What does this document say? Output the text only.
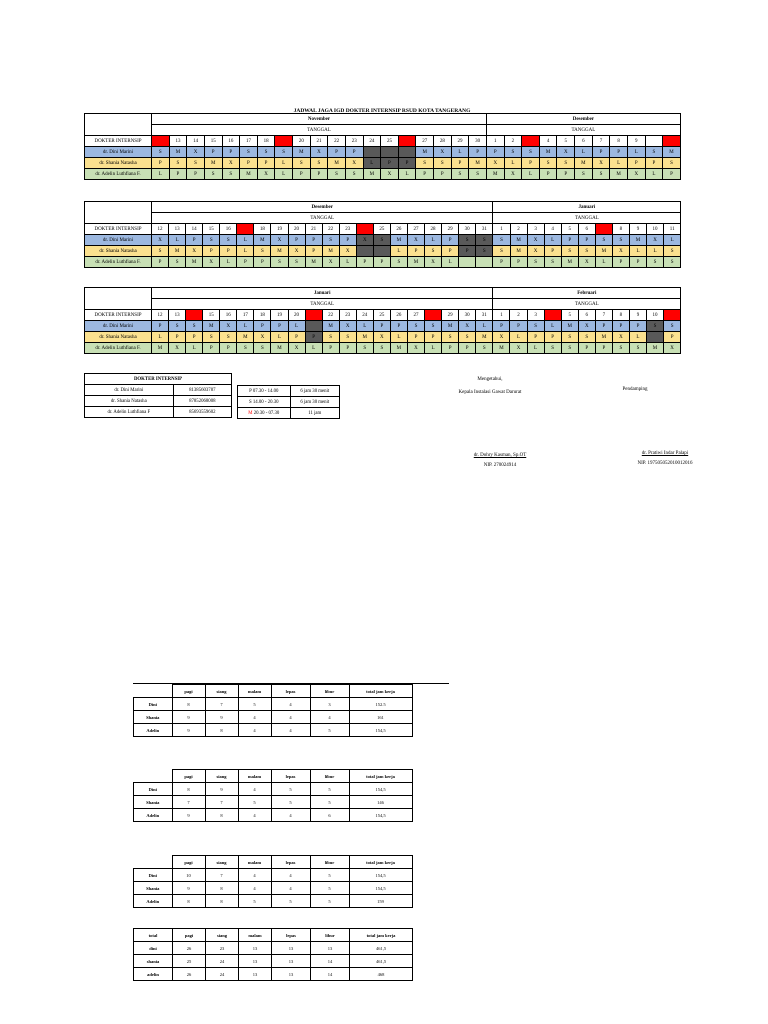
JADWAL JAGA IGD DOKTER INTERNSIP RSUD KOTA TANGERANG
	November																			Desember										
	TANGGAL																			TANGGAL										
DOKTER INTERNSIP		13	14	15	16	17	18		20	21	22	23	24	25		27	28	29	30	1	2		4	5	6	7	8	9		11
dr. Dini Marini	S	M	X	P	P	S	S	S	M	X	P	P				M	X	L	P	P	S	S	M	X	L	P	P	L	S	M
dr. Shania Natasha	P	S	S	M	X	P	P	L	S	S	M	X	L	P	P	S	S	P	M	X	L	P	S	S	M	X	L	P	P	S
dr. Adelin Luthfiana F.	L	P	P	S	S	M	X	L	P	P	S	S	M	X	L	P	P	S	S	M	X	L	P	P	S	S	M	X	L	P
	Desember																				Januari										
	TANGGAL																				TANGGAL										
DOKTER INTERNSIP	12	13	14	15	16		18	19	20	21	22	23		25	26	27	28	29	30	31	1	2	3	4	5	6		8	9	10	11
dr. Dini Marini	X	L	P	S	S	L	M	X	P	P	S	P	X	S	M	X	L	P	S	S	S	M	X	L	P	P	S	S	M	X	L
dr. Shania Natasha	S	M	X	P	P	L	S	M	X	P	M	X			L	P	S	P	P	S	S	M	X	P	S	S	M	X	L	L	S
dr. Adelin Luthfiana F.	P	S	M	X	L	P	P	S	S	M	X	L	P	P	S	M	X	L			P	P	S	S	M	X	L	P	P	S	S
	Januari																				Februari										
	TANGGAL																				TANGGAL										
DOKTER INTERNSIP	12	13		15	16	17	18	19	20		22	23	24	25	26	27		29	30	31	1	2	3		5	6	7	8	9	10	
dr. Dini Marini	P	S	S	M	X	L	P	P	L		M	X	L	P	P	S	S	M	X	L	P	P	S	L	M	X	P	P	P	S	S
dr. Shania Natasha	L	P	P	S	S	M	X	L	P	P	S	S	M	X	L	P	P	S	S	M	X	L	P	P	S	S	M	X	L		P
dr. Adelin Luthfiana F.	M	X	L	P	P	S	S	M	X	L	P	P	S	S	M	X	L	P	P	S	M	X	L	S	S	P	P	S	S	M	X
DOKTER INTERNSIP	
dr. Dini Marini	81385603787
dr. Shania Natasha	87852068008
dr. Adelin Luthfiana F	85693559602
P 07.30 - 14.00	6 jam 30 menit
S 14.00 - 20.30	6 jam 30 menit
M 20.30 - 07.30	11 jam
Mengetahui,
Kepala Instalasi Gawat Darurat
Pendamping
dr. Dohry Kasman, Sp.OT
NIP. 270024914
dr. Pratiwi Indar Palapi
NIP. 197505052010012016
	pagi	siang	malam	lepas	libur	total jam kerja
Dini	8	7	5	4	3	152.5
Shania	9	9	4	4	4	161
Adelin	9	8	4	4	5	154,5
	pagi	siang	malam	lepas	libur	total jam kerja
Dini	8	9	4	5	5	154,5
Shania	7	7	5	5	5	146
Adelin	9	8	4	4	6	154,5
	pagi	siang	malam	lepas	libur	total jam kerja
Dini	10	7	4	4	5	154,5
Shania	9	8	4	4	5	154,5
Adelin	8	8	5	5	5	159
total	pagi	siang	malam	lepas	libur	total jam kerja
dini	26	23	13	13	13	461,5
shania	25	24	13	13	14	461,5
adelin	26	24	13	13	14	468
